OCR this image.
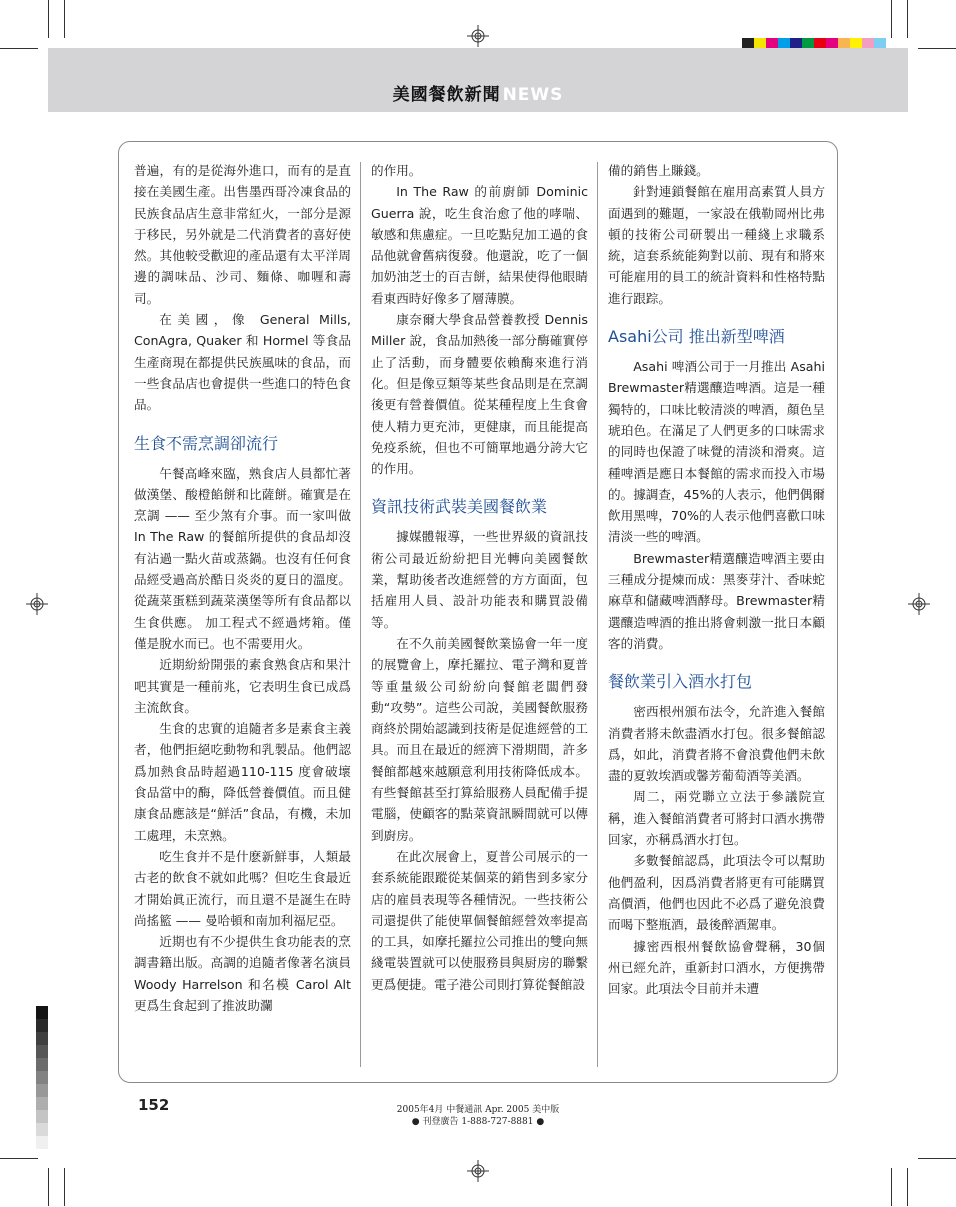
美國餐飲新聞 NEWS

普遍，有的是從海外進口，而有的是直接在美國生產。出售墨西哥冷凍食品的民族食品店生意非常紅火，一部分是源于移民，另外就是二代消費者的喜好使然。其他較受歡迎的產品還有太平洋周邊的調味品、沙司、麵條、咖喱和壽司。

在美國，像 General Mills, ConAgra, Quaker 和 Hormel 等食品生產商現在都提供民族風味的食品，而一些食品店也會提供一些進口的特色食品。

生食不需烹調卻流行

午餐高峰來臨，熟食店人員都忙著做漢堡、酸橙餡餅和比薩餅。確實是在烹調 —— 至少煞有介事。而一家叫做 In The Raw 的餐館所提供的食品却沒有沾過一點火苗或蒸鍋。也沒有任何食品經受過高於酷日炎炎的夏日的溫度。從蔬菜蛋糕到蔬菜漢堡等所有食品都以生食供應。 加工程式不經過烤箱。僅僅是脫水而已。也不需要用火。

近期紛紛開張的素食熟食店和果汁吧其實是一種前兆，它表明生食已成爲主流飲食。

生食的忠實的追隨者多是素食主義者，他們拒絕吃動物和乳製品。他們認爲加熱食品時超過110-115 度會破壞食品當中的酶，降低營養價值。而且健康食品應該是“鮮活”食品，有機，未加工處理，未烹熟。

吃生食并不是什麽新鮮事，人類最古老的飲食不就如此嗎？但吃生食最近才開始眞正流行，而且還不是誕生在時尚搖籃 —— 曼哈頓和南加利福尼亞。

近期也有不少提供生食功能表的烹調書籍出版。高調的追隨者像著名演員 Woody Harrelson 和名模 Carol Alt 更爲生食起到了推波助瀾

的作用。

In The Raw 的前廚師 Dominic Guerra 說，吃生食治愈了他的哮喘、敏感和焦慮症。一旦吃點兒加工過的食品他就會舊病復發。他還說，吃了一個加奶油芝士的百吉餅，結果使得他眼睛看東西時好像多了層薄膜。

康奈爾大學食品營養教授 Dennis Miller 說，食品加熱後一部分酶確實停止了活動，而身體要依賴酶來進行消化。但是像豆類等某些食品則是在烹調後更有營養價值。從某種程度上生食會使人精力更充沛，更健康，而且能提高免疫系統，但也不可簡單地過分誇大它的作用。

資訊技術武裝美國餐飲業

據媒體報導，一些世界級的資訊技術公司最近紛紛把目光轉向美國餐飲業，幫助後者改進經營的方方面面，包括雇用人員、設計功能表和購買設備等。

在不久前美國餐飲業協會一年一度的展覽會上，摩托羅拉、電子灣和夏普等重量級公司紛紛向餐館老闆們發動“攻勢”。這些公司說，美國餐飲服務商終於開始認識到技術是促進經營的工具。而且在最近的經濟下滑期間，許多餐館都越來越願意利用技術降低成本。有些餐館甚至打算給服務人員配備手提電腦，使顧客的點菜資訊瞬間就可以傳到廚房。

在此次展會上，夏普公司展示的一套系統能跟蹤從某個菜的銷售到多家分店的雇員表現等各種情況。一些技術公司還提供了能使單個餐館經營效率提高的工具，如摩托羅拉公司推出的雙向無綫電裝置就可以使服務員與厨房的聯繫更爲便捷。電子港公司則打算從餐館設

備的銷售上賺錢。

針對連鎖餐館在雇用高素質人員方面遇到的難題，一家設在俄勒岡州比弗頓的技術公司研製出一種綫上求職系統，這套系統能夠對以前、現有和將來可能雇用的員工的統計資料和性格特點進行跟踪。

Asahi公司 推出新型啤酒

Asahi 啤酒公司于一月推出 Asahi Brewmaster精選釀造啤酒。這是一種獨特的，口味比較清淡的啤酒，顏色呈琥珀色。在滿足了人們更多的口味需求的同時也保證了味覺的清淡和滑爽。這種啤酒是應日本餐館的需求而投入市場的。據調查，45%的人表示，他們偶爾飲用黑啤，70%的人表示他們喜歡口味清淡一些的啤酒。

Brewmaster精選釀造啤酒主要由三種成分提煉而成：黑麥芽汁、香味蛇麻草和儲藏啤酒酵母。Brewmaster精選釀造啤酒的推出將會刺激一批日本顧客的消費。

餐飲業引入酒水打包

密西根州頒布法令，允許進入餐館消費者將未飲盡酒水打包。很多餐館認爲，如此，消費者將不會浪費他們未飲盡的夏敦埃酒或馨芳葡萄酒等美酒。

周二，兩党聯立立法于參議院宣稱，進入餐館消費者可將封口酒水携帶回家，亦稱爲酒水打包。

多數餐館認爲，此項法令可以幫助他們盈利，因爲消費者將更有可能購買高價酒，他們也因此不必爲了避免浪費而喝下整瓶酒，最後醉酒駕車。

據密西根州餐飲協會聲稱，30個州已經允許，重新封口酒水，方便携帶回家。此項法令目前并未遭

152	2005年4月 中餐通訊 Apr. 2005 美中版
● 刊登廣告 1-888-727-8881 ●
